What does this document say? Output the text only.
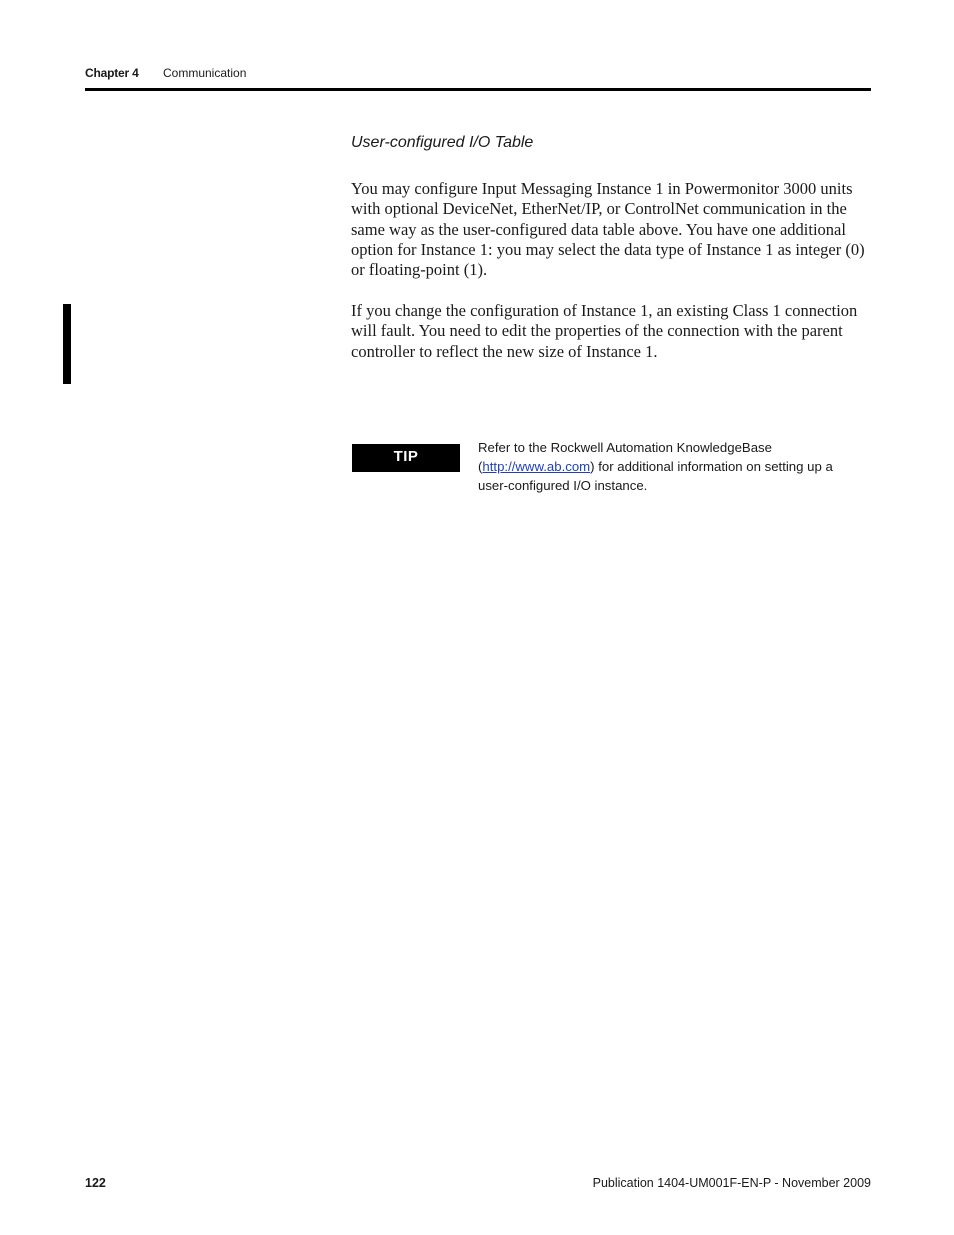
Chapter 4 Communication
User-configured I/O Table

You may configure Input Messaging Instance 1 in Powermonitor 3000 units with optional DeviceNet, EtherNet/IP, or ControlNet communication in the same way as the user-configured data table above. You have one additional option for Instance 1: you may select the data type of Instance 1 as integer (0) or floating-point (1).

If you change the configuration of Instance 1, an existing Class 1 connection will fault. You need to edit the properties of the connection with the parent controller to reflect the new size of Instance 1.

TIP
Refer to the Rockwell Automation KnowledgeBase (http://www.ab.com) for additional information on setting up a user-configured I/O instance.
122	Publication 1404-UM001F-EN-P - November 2009
